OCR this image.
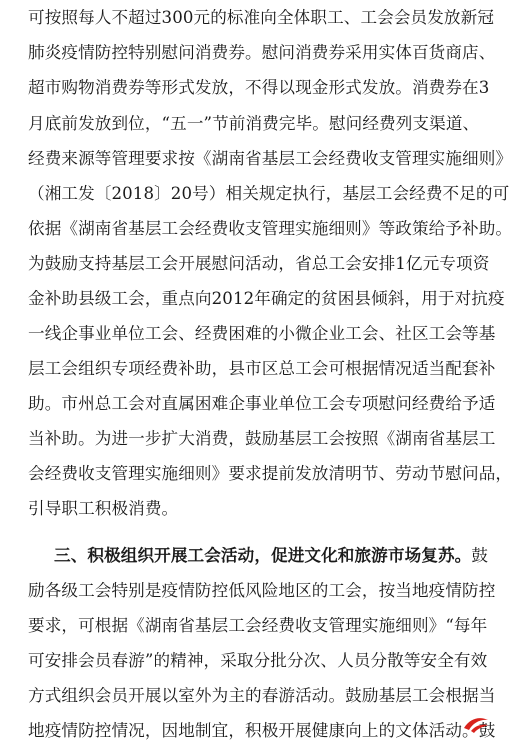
可按照每人不超过300元的标准向全体职工、工会会员发放新冠
肺炎疫情防控特别慰问消费券。慰问消费券采用实体百货商店、
超市购物消费券等形式发放，不得以现金形式发放。消费券在3
月底前发放到位，“五一”节前消费完毕。慰问经费列支渠道、
经费来源等管理要求按《湖南省基层工会经费收支管理实施细则》
（湘工发〔2018〕20号）相关规定执行，基层工会经费不足的可
依据《湖南省基层工会经费收支管理实施细则》等政策给予补助。
为鼓励支持基层工会开展慰问活动，省总工会安排1亿元专项资
金补助县级工会，重点向2012年确定的贫困县倾斜，用于对抗疫
一线企事业单位工会、经费困难的小微企业工会、社区工会等基
层工会组织专项经费补助，县市区总工会可根据情况适当配套补
助。市州总工会对直属困难企事业单位工会专项慰问经费给予适
当补助。为进一步扩大消费，鼓励基层工会按照《湖南省基层工
会经费收支管理实施细则》要求提前发放清明节、劳动节慰问品，
引导职工积极消费。
三、积极组织开展工会活动，促进文化和旅游市场复苏。鼓
励各级工会特别是疫情防控低风险地区的工会，按当地疫情防控
要求，可根据《湖南省基层工会经费收支管理实施细则》“每年
可安排会员春游”的精神，采取分批分次、人员分散等安全有效
方式组织会员开展以室外为主的春游活动。鼓励基层工会根据当
地疫情防控情况，因地制宜，积极开展健康向上的文体活动。鼓
